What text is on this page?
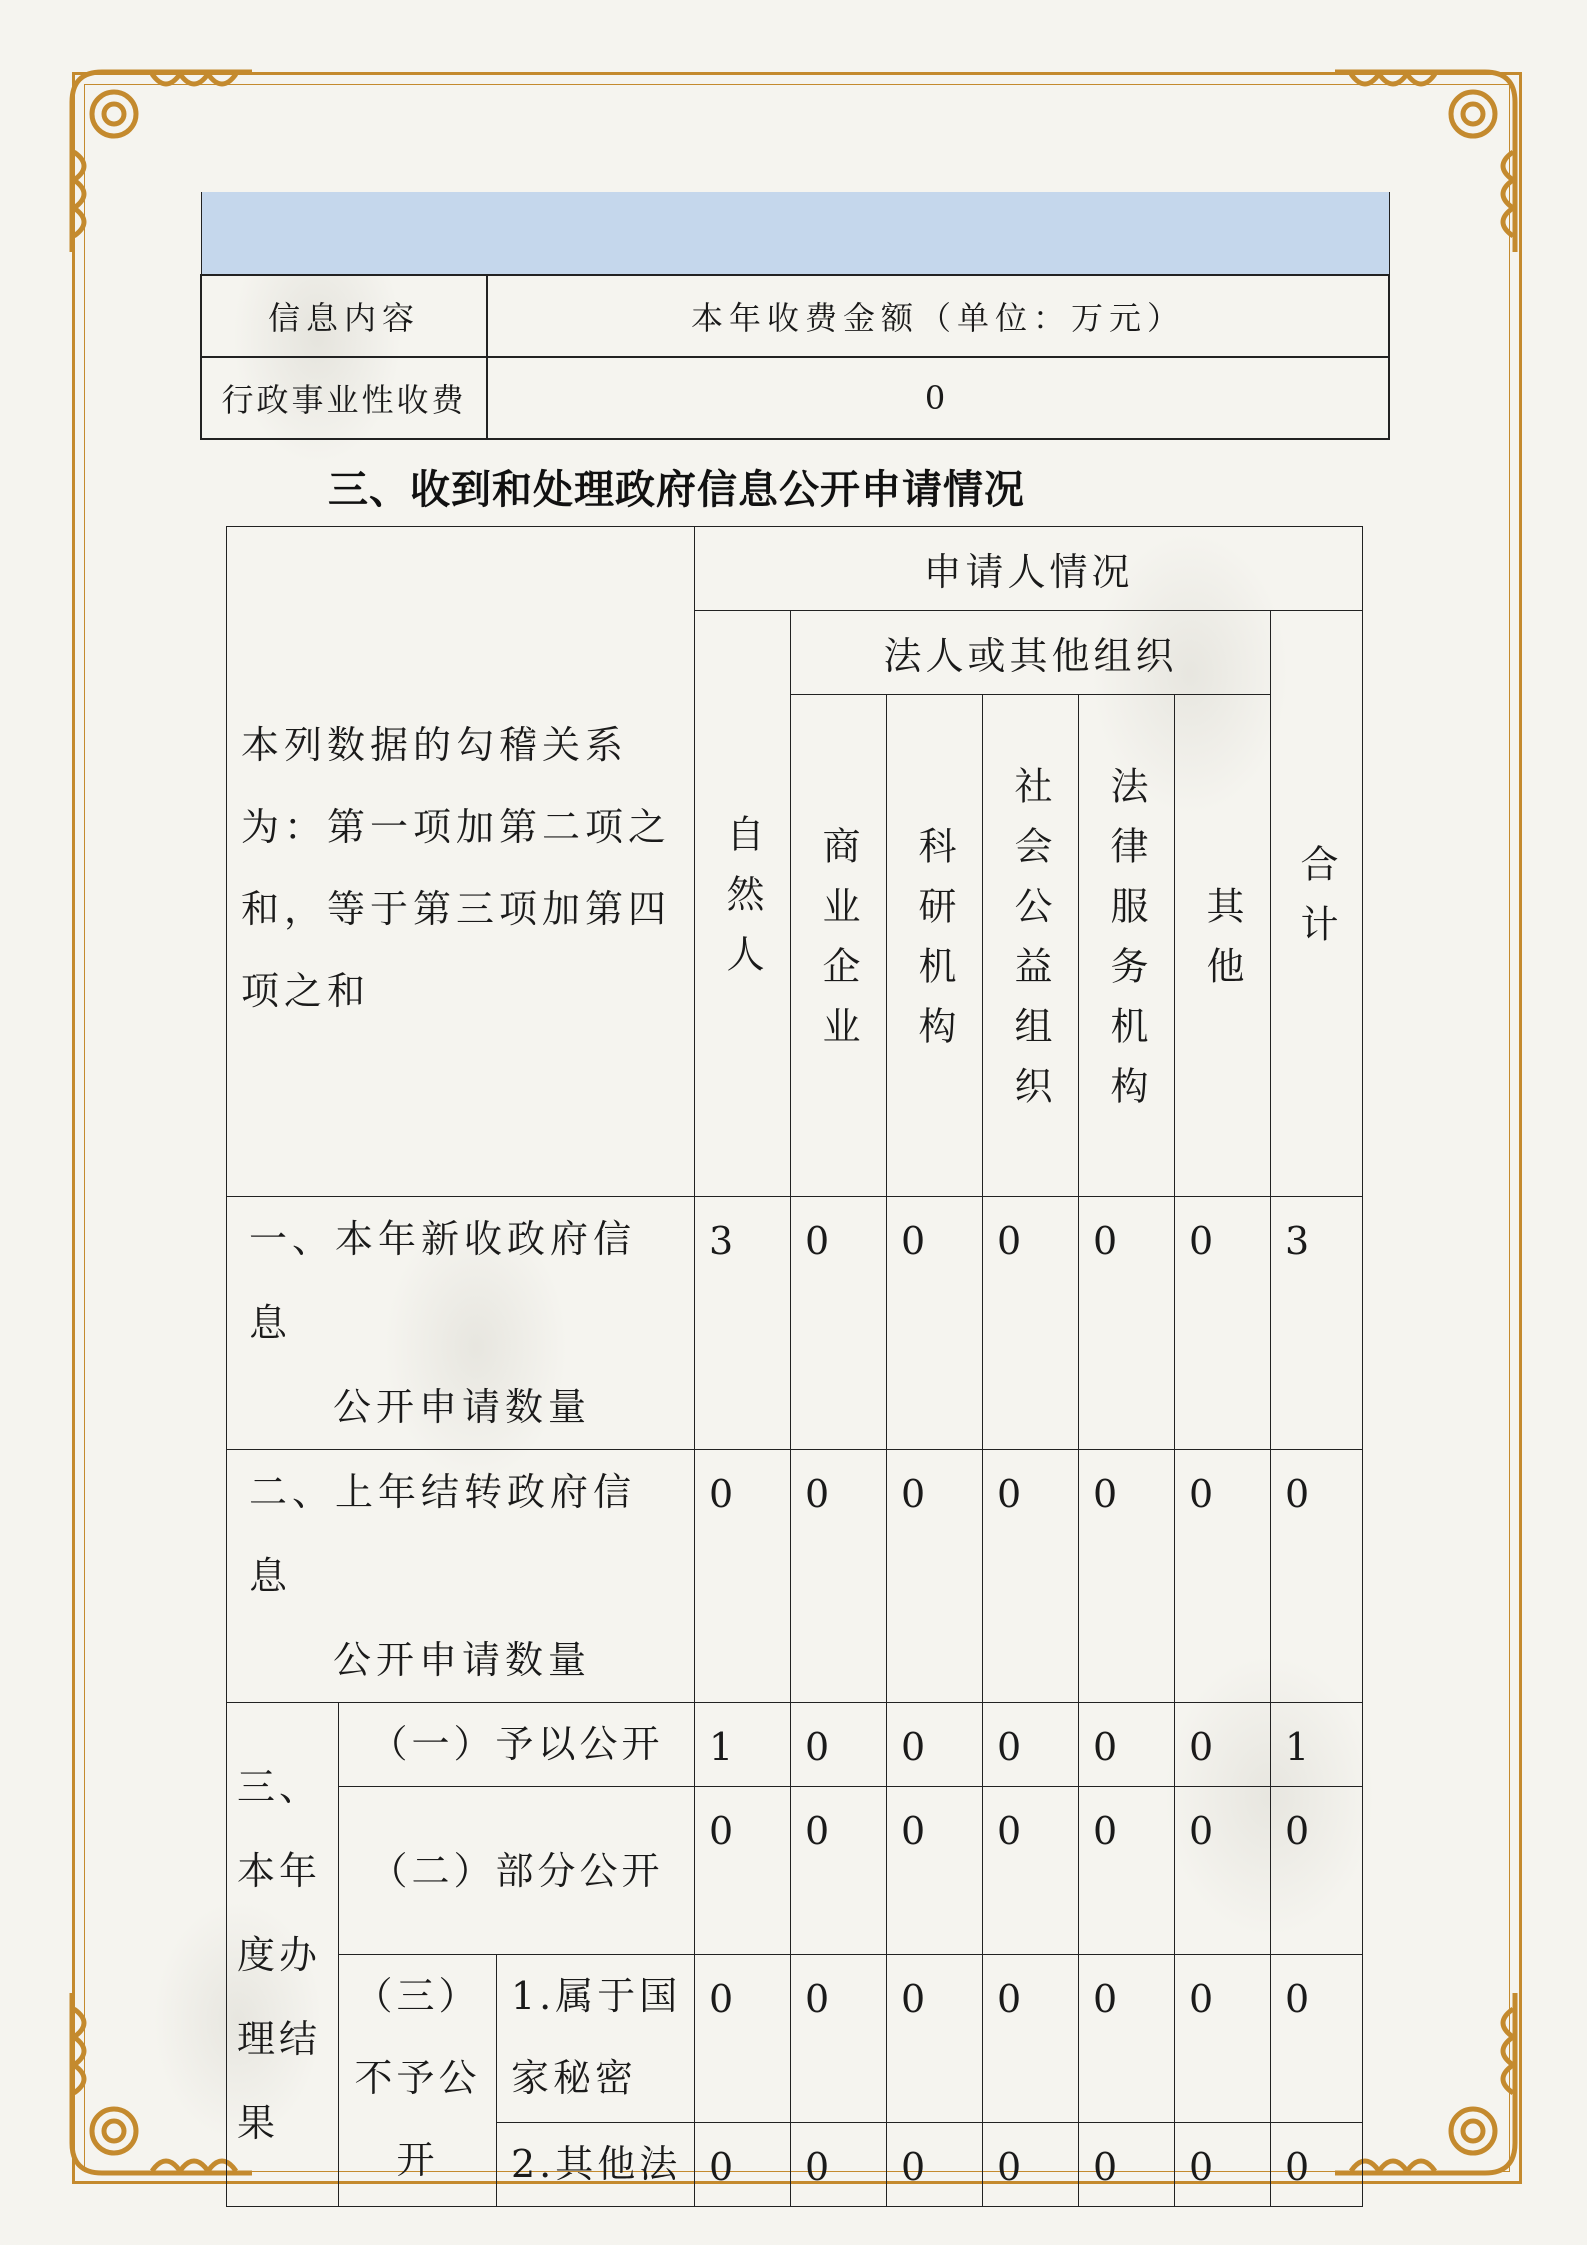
信息内容	本年收费金额（单位：万元）
行政事业性收费	0
三、收到和处理政府信息公开申请情况
本列数据的勾稽关系为：第一项加第二项之和，等于第三项加第四项之和			申请人情况						

			自然人	法人或其他组织					合计

				商业企业	科研机构	社会公益组织	法律服务机构	其他	

一、本年新收政府信息
公开申请数量			3	0	0	0	0	0	3

二、上年结转政府信息
公开申请数量			0	0	0	0	0	0	0
三、本年度办理结果	（一）予以公开		1	0	0	0	0	0	1
	（二）部分公开		0	0	0	0	0	0	0
	（三）不予公开	1.属于国家秘密	0	0	0	0	0	0	0
		2.其他法	0	0	0	0	0	0	0
